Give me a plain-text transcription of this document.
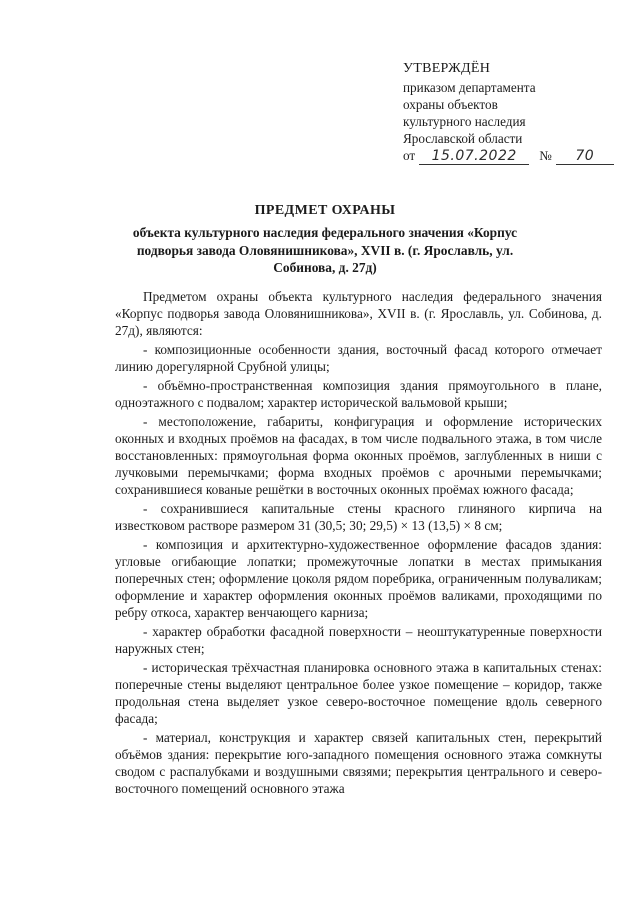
УТВЕРЖДЁН
приказом департамента
охраны объектов
культурного наследия
Ярославской области
от 15.07.2022 № 70
ПРЕДМЕТ ОХРАНЫ
объекта культурного наследия федерального значения «Корпус подворья завода Оловянишникова», XVII в. (г. Ярославль, ул. Собинова, д. 27д)

Предметом охраны объекта культурного наследия федерального значения «Корпус подворья завода Оловянишникова», XVII в. (г. Ярославль, ул. Собинова, д. 27д), являются:

- композиционные особенности здания, восточный фасад которого отмечает линию дорегулярной Срубной улицы;

- объёмно-пространственная композиция здания прямоугольного в плане, одноэтажного с подвалом; характер исторической вальмовой крыши;

- местоположение, габариты, конфигурация и оформление исторических оконных и входных проёмов на фасадах, в том числе подвального этажа, в том числе восстановленных: прямоугольная форма оконных проёмов, заглубленных в ниши с лучковыми перемычками; форма входных проёмов с арочными перемычками; сохранившиеся кованые решётки в восточных оконных проёмах южного фасада;

- сохранившиеся капитальные стены красного глиняного кирпича на известковом растворе размером 31 (30,5; 30; 29,5) × 13 (13,5) × 8 см;

- композиция и архитектурно-художественное оформление фасадов здания: угловые огибающие лопатки; промежуточные лопатки в местах примыкания поперечных стен; оформление цоколя рядом поребрика, ограниченным полуваликам; оформление и характер оформления оконных проёмов валиками, проходящими по ребру откоса, характер венчающего карниза;

- характер обработки фасадной поверхности – неоштукатуренные поверхности наружных стен;

- историческая трёхчастная планировка основного этажа в капитальных стенах: поперечные стены выделяют центральное более узкое помещение – коридор, также продольная стена выделяет узкое северо-восточное помещение вдоль северного фасада;

- материал, конструкция и характер связей капитальных стен, перекрытий объёмов здания: перекрытие юго-западного помещения основного этажа сомкнуты сводом с распалубками и воздушными связями; перекрытия центрального и северо-восточного помещений основного этажа
